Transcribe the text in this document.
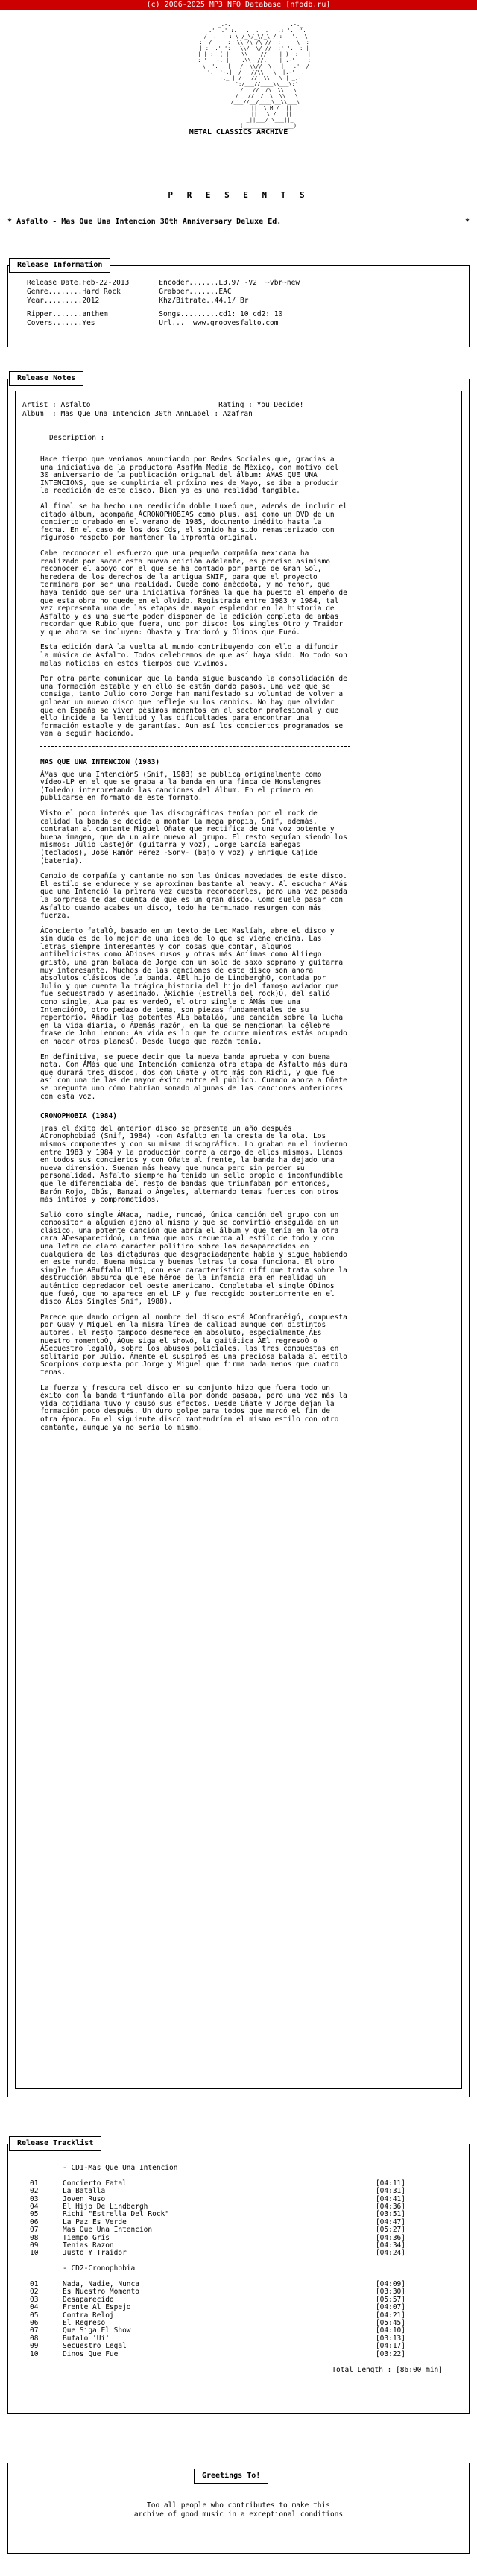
(c) 2006-2025 MP3 NFO Database [nfodb.ru]
_.-.                   .-._
.'  .' :.   .  .  .   .: '.  '.
/  .'   : \ /_\/_\/_\ / :   '.  \
:  /   _ :  \\ /\ /\ //  : _   \  :
| :  .' ':   \\/__\/ //  :' '.  : |
| | :  ( |    \\    //    | )  : | |
: '  '-._|    .\\  //.    |_.-'  ' :
\  '.   |   /  \\//  \   |   .'  /
'.  '-.|  /   //\\   \  |.-'  .'
'-._ | /   //  \\   \ | _.-'
':/___//____\\___\:'
/   //  /\  \\   \
/   //  /  \  \\   \
/___//__/____\__\\___\
||  \ M /  ||
||   \ /   ||
_||___/ \___||_
(____________ ___)

METAL CLASSICS ARCHIVE
P R E S E N T S
* Asfalto - Mas Que Una Intencion 30th Anniversary Deluxe Ed.	*
Release Information
Release Date.Feb-22-2013       Encoder.......L3.97 -V2  ~vbr~new
Genre........Hard Rock         Grabber.......EAC
Year.........2012              Khz/Bitrate..44.1/ Br
Ripper.......anthem            Songs.........cd1: 10 cd2: 10
Covers.......Yes               Url...  www.groovesfalto.com
Release Notes
Artist : Asfalto                              Rating : You Decide!
Album  : Mas Que Una Intencion 30th AnnLabel : Azafran
Description :

Hace tiempo que veníamos anunciando por Redes Sociales que, gracias a una iniciativa de la productora AsafMn Media de México, con motivo del 30 aniversario de la publicación original del álbum: ÁMAS QUE UNA INTENCIONS, que se cumpliría el próximo mes de Mayo, se iba a producir la reedición de este disco. Bien ya es una realidad tangible.

Al final se ha hecho una reedición doble Luxeó que, además de incluir el citado álbum, acompaña ÁCRONOPHOBIAS como plus, así como un DVD de un concierto grabado en el verano de 1985, documento inédito hasta la fecha. En el caso de los dos Cds, el sonido ha sido remasterizado con riguroso respeto por mantener la impronta original.

Cabe reconocer el esfuerzo que una pequeña compañía mexicana ha realizado por sacar esta nueva edición adelante, es preciso asimismo reconocer el apoyo con el que se ha contado por parte de Gran Sol, heredera de los derechos de la antigua SNIF, para que el proyecto terminara por ser una realidad. Quede como anécdota, y no menor, que haya tenido que ser una iniciativa foránea la que ha puesto el empeño de que esta obra no quede en el olvido. Registrada entre 1983 y 1984, tal vez representa una de las etapas de mayor esplendor en la historia de Asfalto y es una suerte poder disponer de la edición completa de ambas recordar que Rubio que fuera, uno por disco: los singles Otro y Traidor y que ahora se incluyen: Óhasta y Traidoró y Ólimos que Fueó.

Esta edición darÁ la vuelta al mundo contribuyendo con ello a difundir la música de Asfalto. Todos celebremos de que así haya sido. No todo son malas noticias en estos tiempos que vivimos.

Por otra parte comunicar que la banda sigue buscando la consolidación de una formación estable y en ello se están dando pasos. Una vez que se consiga, tanto Julio como Jorge han manifestado su voluntad de volver a golpear un nuevo disco que refleje su los cambios. No hay que olvidar que en España se viven pésimos momentos en el sector profesional y que ello incide a la lentitud y las dificultades para encontrar una formación estable y de garantías. Aun así los conciertos programados se van a seguir haciendo.

MAS QUE UNA INTENCION (1983)

ÁMás que una IntenciónS (Snif, 1983) se publica originalmente como vídeo-LP en el que se graba a la banda en una finca de Honslengres (Toledo) interpretando las canciones del álbum. En el primero en publicarse en formato de este formato.

Visto el poco interés que las discográficas tenían por el rock de calidad la banda se decide a montar la mega propia, Snif, además, contratan al cantante Miguel Oñate que rectifica de una voz potente y buena imagen, que da un aire nuevo al grupo. El resto seguían siendo los mismos: Julio Castejón (guitarra y voz), Jorge García Banegas (teclados), José Ramón Pérez -Sony- (bajo y voz) y Enrique Cajide (batería).

Cambio de compañía y cantante no son las únicas novedades de este disco. El estilo se endurece y se aproximan bastante al heavy. Al escuchar ÁMás que una Intenció la primera vez cuesta reconocerles, pero una vez pasada la sorpresa te das cuenta de que es un gran disco. Como suele pasar con Asfalto cuando acabes un disco, todo ha terminado resurgen con más fuerza.

ÁConcierto fatalÓ, basado en un texto de Leo Maslíah, abre el disco y sin duda es de lo mejor de una idea de lo que se viene encima. Las letras siempre interesantes y con cosas que contar, algunos antibelicistas como ÁDioses rusos y otras más Áníimas como Álíiego gristó, una gran balada de Jorge con un solo de saxo soprano y guitarra muy interesante. Muchos de las canciones de este disco son ahora absolutos clásicos de la banda. ÁEl hijo de LindberghÓ, contada por Julio y que cuenta la trágica historia del hijo del famoso aviador que fue secuestrado y asesinado. ÁRichie (Estrella del rock)Ó, del salió como single, ÁLa paz es verdeÓ, el otro single o ÁMás que una IntenciónÓ, otro pedazo de tema, son piezas fundamentales de su repertorio. Añadir las potentes ÁLa bataláó, una canción sobre la lucha en la vida diaria, o ÁDemás razón, en la que se mencionan la célebre frase de John Lennon: Áa vida es lo que te ocurre mientras estás ocupado en hacer otros planesÓ. Desde luego que razón tenía.

En definitiva, se puede decir que la nueva banda aprueba y con buena nota. Con ÁMás que una Intención comienza otra etapa de Asfalto más dura que durará tres discos, dos con Oñate y otro más con Richi, y que fue así con una de las de mayor éxito entre el público. Cuando ahora a Oñate se pregunta uno cómo habrían sonado algunas de las canciones anteriores con esta voz.

CRONOPHOBIA (1984)

Tras el éxito del anterior disco se presenta un año después ÁCronophobiaó (Snif, 1984) -con Asfalto en la cresta de la ola. Los mismos componentes y con su misma discográfica. Lo graban en el invierno entre 1983 y 1984 y la producción corre a cargo de ellos mismos. Llenos en todos sus conciertos y con Oñate al frente, la banda ha dejado una nueva dimensión. Suenan más heavy que nunca pero sin perder su personalidad. Asfalto siempre ha tenido un sello propio e inconfundible que le diferenciaba del resto de bandas que triunfaban por entonces, Barón Rojo, Obús, Banzai o Ángeles, alternando temas fuertes con otros más íntimos y comprometidos.

Salió como single ÁNada, nadie, nuncaó, única canción del grupo con un compositor a alguien ajeno al mismo y que se convirtió enseguida en un clásico, una potente canción que abría el álbum y que tenía en la otra cara ÁDesaparecidoó, un tema que nos recuerda al estilo de todo y con una letra de claro carácter político sobre los desaparecidos en cualquiera de las dictaduras que desgraciadamente había y sigue habiendo en este mundo. Buena música y buenas letras la cosa funciona. El otro single fue ÁBuffalo UltÓ, con ese característico riff que trata sobre la destrucción absurda que ese héroe de la infancia era en realidad un auténtico depredador del oeste americano. Completaba el single ÓDinos que fueó, que no aparece en el LP y fue recogido posteriormente en el disco ÁLos Singles Snif, 1988).

Parece que dando origen al nombre del disco está ÁConfraréigó, compuesta por Guay y Miguel en la misma línea de calidad aunque con distintos autores. El resto tampoco desmerece en absoluto, especialmente ÁEs nuestro momentoÓ, ÁQue siga el showó, la gaitática ÁEl regresoÓ o ÁSecuestro legalÓ, sobre los abusos policiales, las tres compuestas en solitario por Julio. Ámente el suspiroó es una preciosa balada al estilo Scorpions compuesta por Jorge y Miguel que firma nada menos que cuatro temas.

La fuerza y frescura del disco en su conjunto hizo que fuera todo un éxito con la banda triunfando allá por donde pasaba, pero una vez más la vida cotidiana tuvo y causó sus efectos. Desde Oñate y Jorge dejan la formación poco después. Un duro golpe para todos que marcó el fin de otra época. En el siguiente disco mantendrían el mismo estilo con otro cantante, aunque ya no sería lo mismo.

Release Tracklist
- CD1-Mas Que Una Intencion
01	Concierto Fatal	[04:11]
02	La Batalla	[04:31]
03	Joven Ruso	[04:41]
04	El Hijo De Lindbergh	[04:36]
05	Richi "Estrella Del Rock"	[03:51]
06	La Paz Es Verde	[04:47]
07	Mas Que Una Intencion	[05:27]
08	Tiempo Gris	[04:36]
09	Tenias Razon	[04:34]
10	Justo Y Traidor	[04:24]
- CD2-Cronophobia
01	Nada, Nadie, Nunca	[04:09]
02	Es Nuestro Momento	[03:30]
03	Desaparecido	[05:57]
04	Frente Al Espejo	[04:07]
05	Contra Reloj	[04:21]
06	El Regreso	[05:45]
07	Que Siga El Show	[04:10]
08	Bufalo 'Ui'	[03:13]
09	Secuestro Legal	[04:17]
10	Dinos Que Fue	[03:22]
Total Length : [86:00 min]
Greetings To!
Too all people who contributes to make this
archive of good music in a exceptional conditions
